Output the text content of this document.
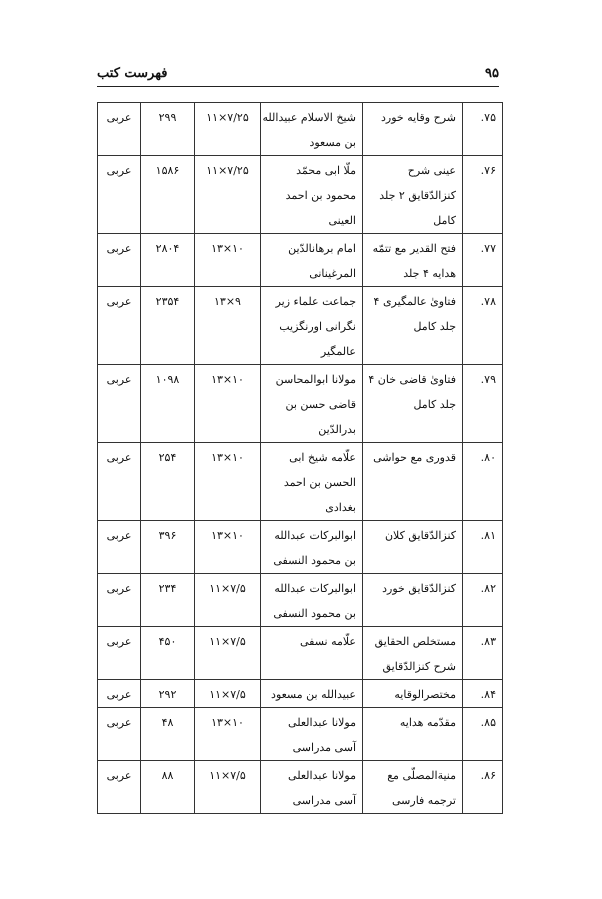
۹۵
فهرست کتب
۷۵.	شرح وقایه خورد	شیخ الاسلام عبیدالله
بن مسعود	۱۱×۷/۲۵	۲۹۹	عربی

۷۶.	عینی شرح
کنزالدّقایق ۲ جلد
کامل	ملّا ابی محمّد
محمود بن احمد
العینی	۱۱×۷/۲۵	۱۵۸۶	عربی

۷۷.	فتح القدیر مع تتمّه
هدایه ۴ جلد	امام برهانالدّین
المرغینانی	۱۳×۱۰	۲۸۰۴	عربی

۷۸.	فتاویٰ عالمگیری ۴
جلد کامل	جماعت علماء زیر
نگرانی اورنگزیب
عالمگیر	۱۳×۹	۲۳۵۴	عربی

۷۹.	فتاویٰ قاضی خان ۴
جلد کامل	مولانا ابوالمحاسن
قاضی حسن بن
بدرالدّین	۱۳×۱۰	۱۰۹۸	عربی

۸۰.	قدوری مع حواشی	علّامه شیخ ابی
الحسن بن احمد
بغدادی	۱۳×۱۰	۲۵۴	عربی

۸۱.	کنزالدّقایق کلان	ابوالبرکات عبدالله
بن محمود النسفی	۱۳×۱۰	۳۹۶	عربی

۸۲.	کنزالدّقایق خورد	ابوالبرکات عبدالله
بن محمود النسفی	۱۱×۷/۵	۲۳۴	عربی

۸۳.	مستخلص الحقایق
شرح کنزالدّقایق	علّامه نسفی	۱۱×۷/۵	۴۵۰	عربی

۸۴.	مختصرالوقایه	عبیدالله بن مسعود	۱۱×۷/۵	۲۹۲	عربی

۸۵.	مقدّمه هدایه	مولانا عبدالعلی
آسی مدراسی	۱۳×۱۰	۴۸	عربی

۸۶.	منیةالمصلّی مع
ترجمه فارسی	مولانا عبدالعلی
آسی مدراسی	۱۱×۷/۵	۸۸	عربی
